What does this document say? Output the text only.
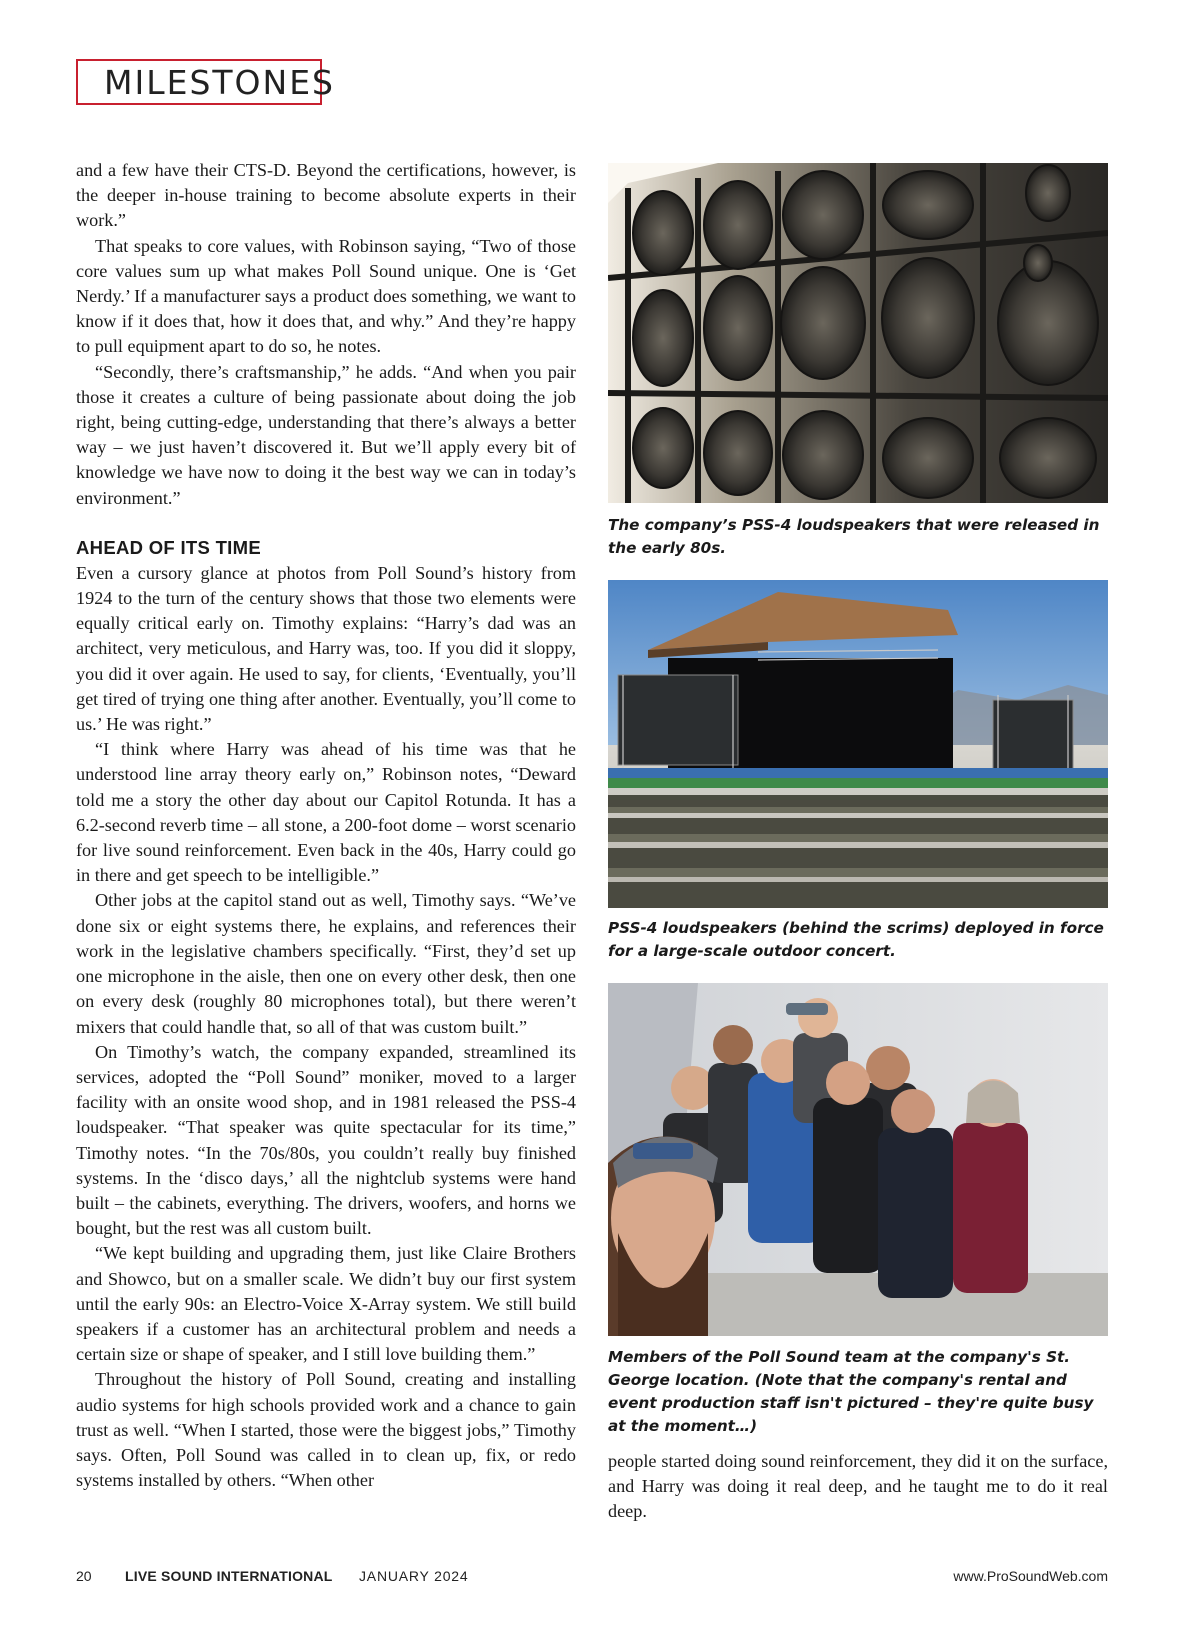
MILESTONES

and a few have their CTS-D. Beyond the certifications, however, is the deeper in-house training to become absolute experts in their work.”

That speaks to core values, with Robinson saying, “Two of those core values sum up what makes Poll Sound unique. One is ‘Get Nerdy.’ If a manufacturer says a product does something, we want to know if it does that, how it does that, and why.” And they’re happy to pull equipment apart to do so, he notes.

“Secondly, there’s craftsmanship,” he adds. “And when you pair those it creates a culture of being passionate about doing the job right, being cutting-edge, understanding that there’s always a better way – we just haven’t discovered it. But we’ll apply every bit of knowledge we have now to doing it the best way we can in today’s environment.”

AHEAD OF ITS TIME

Even a cursory glance at photos from Poll Sound’s history from 1924 to the turn of the century shows that those two elements were equally critical early on. Timothy explains: “Harry’s dad was an architect, very meticulous, and Harry was, too. If you did it sloppy, you did it over again. He used to say, for clients, ‘Eventually, you’ll get tired of trying one thing after another. Eventually, you’ll come to us.’ He was right.”

“I think where Harry was ahead of his time was that he understood line array theory early on,” Robinson notes, “Deward told me a story the other day about our Capitol Rotunda. It has a 6.2-second reverb time – all stone, a 200-foot dome – worst scenario for live sound reinforcement. Even back in the 40s, Harry could go in there and get speech to be intelligible.”

Other jobs at the capitol stand out as well, Timothy says. “We’ve done six or eight systems there, he explains, and references their work in the legislative chambers specifically. “First, they’d set up one microphone in the aisle, then one on every other desk, then one on every desk (roughly 80 microphones total), but there weren’t mixers that could handle that, so all of that was custom built.”

On Timothy’s watch, the company expanded, streamlined its services, adopted the “Poll Sound” moniker, moved to a larger facility with an onsite wood shop, and in 1981 released the PSS-4 loudspeaker. “That speaker was quite spectacular for its time,” Timothy notes. “In the 70s/80s, you couldn’t really buy finished systems. In the ‘disco days,’ all the nightclub systems were hand built – the cabinets, everything. The drivers, woofers, and horns we bought, but the rest was all custom built.

“We kept building and upgrading them, just like Claire Brothers and Showco, but on a smaller scale. We didn’t buy our first system until the early 90s: an Electro-Voice X-Array system. We still build speakers if a customer has an architectural problem and needs a certain size or shape of speaker, and I still love building them.”

Throughout the history of Poll Sound, creating and installing audio systems for high schools provided work and a chance to gain trust as well. “When I started, those were the biggest jobs,” Timothy says. Often, Poll Sound was called in to clean up, fix, or redo systems installed by others. “When other

The company’s PSS-4 loudspeakers that were released in the early 80s.
PSS-4 loudspeakers (behind the scrims) deployed in force for a large-scale outdoor concert.
Members of the Poll Sound team at the company's St. George location. (Note that the company's rental and event production staff isn't pictured – they're quite busy at the moment…)

people started doing sound reinforcement, they did it on the surface, and Harry was doing it real deep, and he taught me to do it real deep.

20 LIVE SOUND INTERNATIONAL JANUARY 2024	www.ProSoundWeb.com
